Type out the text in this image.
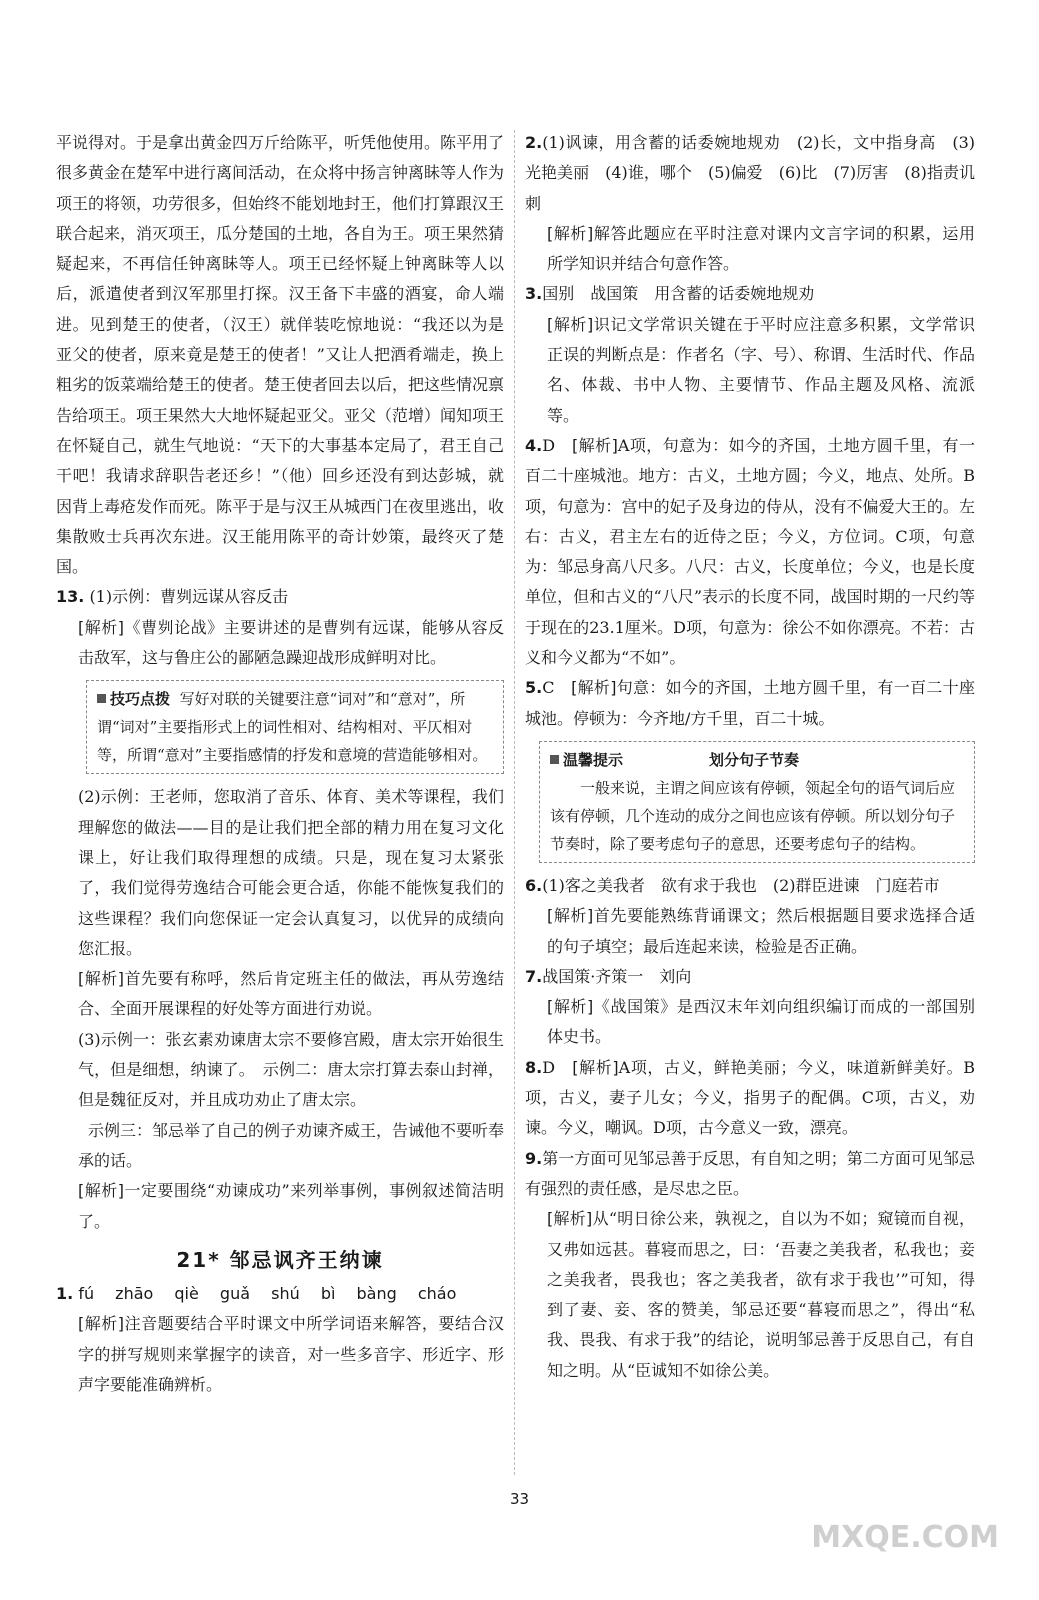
平说得对。于是拿出黄金四万斤给陈平，听凭他使用。陈平用了很多黄金在楚军中进行离间活动，在众将中扬言钟离眛等人作为项王的将领，功劳很多，但始终不能划地封王，他们打算跟汉王联合起来，消灭项王，瓜分楚国的土地，各自为王。项王果然猜疑起来，不再信任钟离眛等人。项王已经怀疑上钟离眛等人以后，派遣使者到汉军那里打探。汉王备下丰盛的酒宴，命人端进。见到楚王的使者，（汉王）就佯装吃惊地说：“我还以为是亚父的使者，原来竟是楚王的使者！”又让人把酒肴端走，换上粗劣的饭菜端给楚王的使者。楚王使者回去以后，把这些情况禀告给项王。项王果然大大地怀疑起亚父。亚父（范增）闻知项王在怀疑自己，就生气地说：“天下的大事基本定局了，君王自己干吧！我请求辞职告老还乡！”（他）回乡还没有到达彭城，就因背上毒疮发作而死。陈平于是与汉王从城西门在夜里逃出，收集散败士兵再次东进。汉王能用陈平的奇计妙策，最终灭了楚国。

13. (1)示例：曹刿远谋从容反击

[解析]《曹刿论战》主要讲述的是曹刿有远谋，能够从容反击敌军，这与鲁庄公的鄙陋急躁迎战形成鲜明对比。

技巧点拨 写好对联的关键要注意“词对”和“意对”，所谓“词对”主要指形式上的词性相对、结构相对、平仄相对等，所谓“意对”主要指感情的抒发和意境的营造能够相对。

(2)示例：王老师，您取消了音乐、体育、美术等课程，我们理解您的做法——目的是让我们把全部的精力用在复习文化课上，好让我们取得理想的成绩。只是，现在复习太紧张了，我们觉得劳逸结合可能会更合适，你能不能恢复我们的这些课程？我们向您保证一定会认真复习，以优异的成绩向您汇报。

[解析]首先要有称呼，然后肯定班主任的做法，再从劳逸结合、全面开展课程的好处等方面进行劝说。

(3)示例一：张玄素劝谏唐太宗不要修宫殿，唐太宗开始很生气，但是细想，纳谏了。　示例二：唐太宗打算去泰山封禅，但是魏征反对，并且成功劝止了唐太宗。

示例三：邹忌举了自己的例子劝谏齐威王，告诫他不要听奉承的话。

[解析]一定要围绕“劝谏成功”来列举事例，事例叙述简洁明了。

21* 邹忌讽齐王纳谏

1. fú zhāo qiè guǎ shú bì bàng cháo

[解析]注音题要结合平时课文中所学词语来解答，要结合汉字的拼写规则来掌握字的读音，对一些多音字、形近字、形声字要能准确辨析。

2.(1)讽谏，用含蓄的话委婉地规劝　(2)长，文中指身高　(3)光艳美丽　(4)谁，哪个　(5)偏爱　(6)比　(7)厉害　(8)指责讥刺

[解析]解答此题应在平时注意对课内文言字词的积累，运用所学知识并结合句意作答。

3.国别　战国策　用含蓄的话委婉地规劝

[解析]识记文学常识关键在于平时应注意多积累，文学常识正误的判断点是：作者名（字、号）、称谓、生活时代、作品名、体裁、书中人物、主要情节、作品主题及风格、流派等。

4.D　 [解析]A项，句意为：如今的齐国，土地方圆千里，有一百二十座城池。地方：古义，土地方圆；今义，地点、处所。B项，句意为：宫中的妃子及身边的侍从，没有不偏爱大王的。左右：古义，君主左右的近侍之臣；今义，方位词。C项，句意为：邹忌身高八尺多。八尺：古义，长度单位；今义，也是长度单位，但和古义的“八尺”表示的长度不同，战国时期的一尺约等于现在的23.1厘米。D项，句意为：徐公不如你漂亮。不若：古义和今义都为“不如”。

5.C　 [解析]句意：如今的齐国，土地方圆千里，有一百二十座城池。停顿为：今齐地/方千里，百二十城。

温馨提示	划分句子节奏
一般来说，主谓之间应该有停顿，领起全句的语气词后应该有停顿，几个连动的成分之间也应该有停顿。所以划分句子节奏时，除了要考虑句子的意思，还要考虑句子的结构。

6.(1)客之美我者　欲有求于我也　(2)群臣进谏　门庭若市

[解析]首先要能熟练背诵课文；然后根据题目要求选择合适的句子填空；最后连起来读，检验是否正确。

7.战国策·齐策一　刘向

[解析]《战国策》是西汉末年刘向组织编订而成的一部国别体史书。

8.D　 [解析]A项，古义，鲜艳美丽；今义，味道新鲜美好。B项，古义，妻子儿女；今义，指男子的配偶。C项，古义，劝谏。今义，嘲讽。D项，古今意义一致，漂亮。

9.第一方面可见邹忌善于反思，有自知之明；第二方面可见邹忌有强烈的责任感，是尽忠之臣。

[解析]从“明日徐公来，孰视之，自以为不如；窥镜而自视，又弗如远甚。暮寝而思之，曰：‘吾妻之美我者，私我也；妾之美我者，畏我也；客之美我者，欲有求于我也’”可知，得到了妻、妾、客的赞美，邹忌还要“暮寝而思之”，得出“私我、畏我、有求于我”的结论，说明邹忌善于反思自己，有自知之明。从“臣诚知不如徐公美。

33
MXQE.COM
